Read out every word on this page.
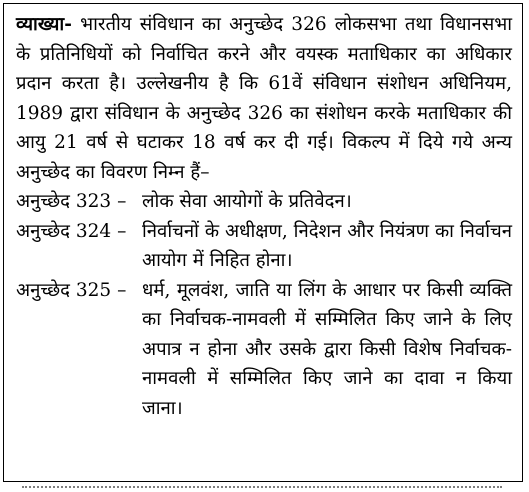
व्याख्या- भारतीय संविधान का अनुच्छेद 326 लोकसभा तथा विधानसभा के प्रतिनिधियों को निर्वाचित करने और वयस्क मताधिकार का अधिकार प्रदान करता है। उल्लेखनीय है कि 61वें संविधान संशोधन अधिनियम, 1989 द्वारा संविधान के अनुच्छेद 326 का संशोधन करके मताधिकार की आयु 21 वर्ष से घटाकर 18 वर्ष कर दी गई। विकल्प में दिये गये अन्य अनुच्छेद का विवरण निम्न हैं–
अनुच्छेद 323 – लोक सेवा आयोगों के प्रतिवेदन।
अनुच्छेद 324 – निर्वाचनों के अधीक्षण, निदेशन और नियंत्रण का निर्वाचन आयोग में निहित होना।
अनुच्छेद 325 – धर्म, मूलवंश, जाति या लिंग के आधार पर किसी व्यक्ति का निर्वाचक-नामवली में सम्मिलित किए जाने के लिए अपात्र न होना और उसके द्वारा किसी विशेष निर्वाचक-नामवली में सम्मिलित किए जाने का दावा न किया जाना।
